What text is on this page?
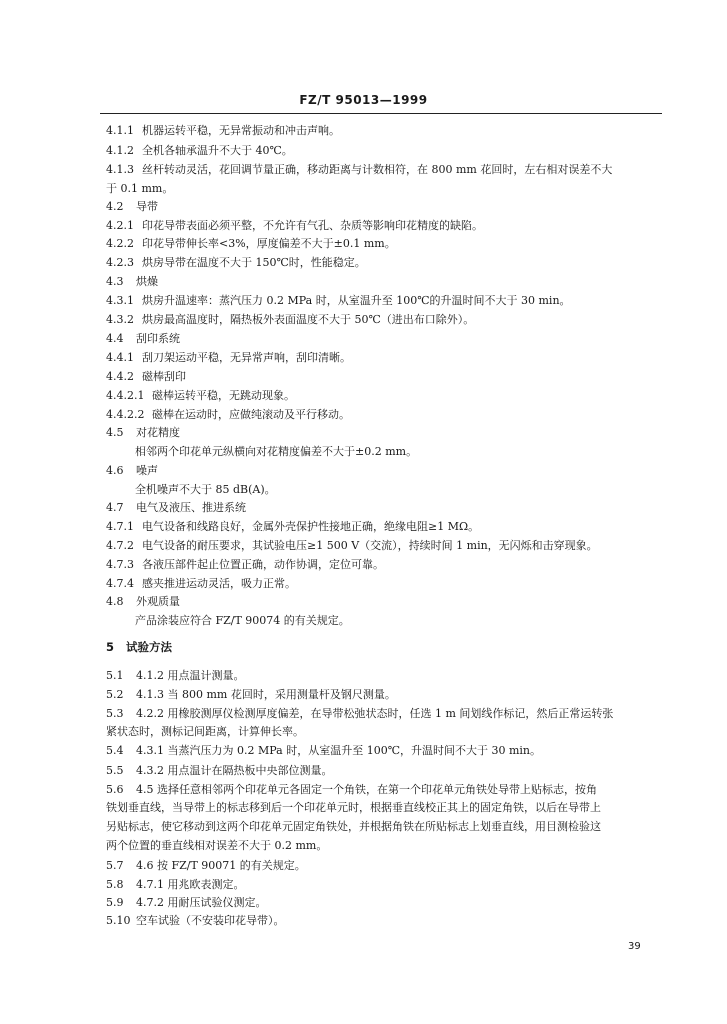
FZ/T 95013—1999
4.1.1 机器运转平稳，无异常振动和冲击声响。
4.1.2 全机各轴承温升不大于 40℃。
4.1.3 丝杆转动灵活，花回调节量正确，移动距离与计数相符，在 800 mm 花回时，左右相对误差不大
于 0.1 mm。
4.2 导带
4.2.1 印花导带表面必须平整，不允许有气孔、杂质等影响印花精度的缺陷。
4.2.2 印花导带伸长率<3%，厚度偏差不大于±0.1 mm。
4.2.3 烘房导带在温度不大于 150℃时，性能稳定。
4.3 烘燥
4.3.1 烘房升温速率：蒸汽压力 0.2 MPa 时，从室温升至 100℃的升温时间不大于 30 min。
4.3.2 烘房最高温度时，隔热板外表面温度不大于 50℃（进出布口除外）。
4.4 刮印系统
4.4.1 刮刀架运动平稳，无异常声响，刮印清晰。
4.4.2 磁棒刮印
4.4.2.1 磁棒运转平稳，无跳动现象。
4.4.2.2 磁棒在运动时，应做纯滚动及平行移动。
4.5 对花精度
相邻两个印花单元纵横向对花精度偏差不大于±0.2 mm。
4.6 噪声
全机噪声不大于 85 dB(A)。
4.7 电气及液压、推进系统
4.7.1 电气设备和线路良好，金属外壳保护性接地正确，绝缘电阻≥1 MΩ。
4.7.2 电气设备的耐压要求，其试验电压≥1 500 V（交流），持续时间 1 min，无闪烁和击穿现象。
4.7.3 各液压部件起止位置正确，动作协调，定位可靠。
4.7.4 感夹推进运动灵活，吸力正常。
4.8 外观质量
产品涂装应符合 FZ/T 90074 的有关规定。
5 试验方法
5.1 4.1.2 用点温计测量。
5.2 4.1.3 当 800 mm 花回时，采用测量杆及钢尺测量。
5.3 4.2.2 用橡胶测厚仪检测厚度偏差，在导带松弛状态时，任选 1 m 间划线作标记，然后正常运转张
紧状态时，测标记间距离，计算伸长率。
5.4 4.3.1 当蒸汽压力为 0.2 MPa 时，从室温升至 100℃，升温时间不大于 30 min。
5.5 4.3.2 用点温计在隔热板中央部位测量。
5.6 4.5 选择任意相邻两个印花单元各固定一个角铁，在第一个印花单元角铁处导带上贴标志，按角
铁划垂直线，当导带上的标志移到后一个印花单元时，根据垂直线校正其上的固定角铁，以后在导带上
另贴标志，使它移动到这两个印花单元固定角铁处，并根据角铁在所贴标志上划垂直线，用目测检验这
两个位置的垂直线相对误差不大于 0.2 mm。
5.7 4.6 按 FZ/T 90071 的有关规定。
5.8 4.7.1 用兆欧表测定。
5.9 4.7.2 用耐压试验仪测定。
5.10 空车试验（不安装印花导带）。
39
